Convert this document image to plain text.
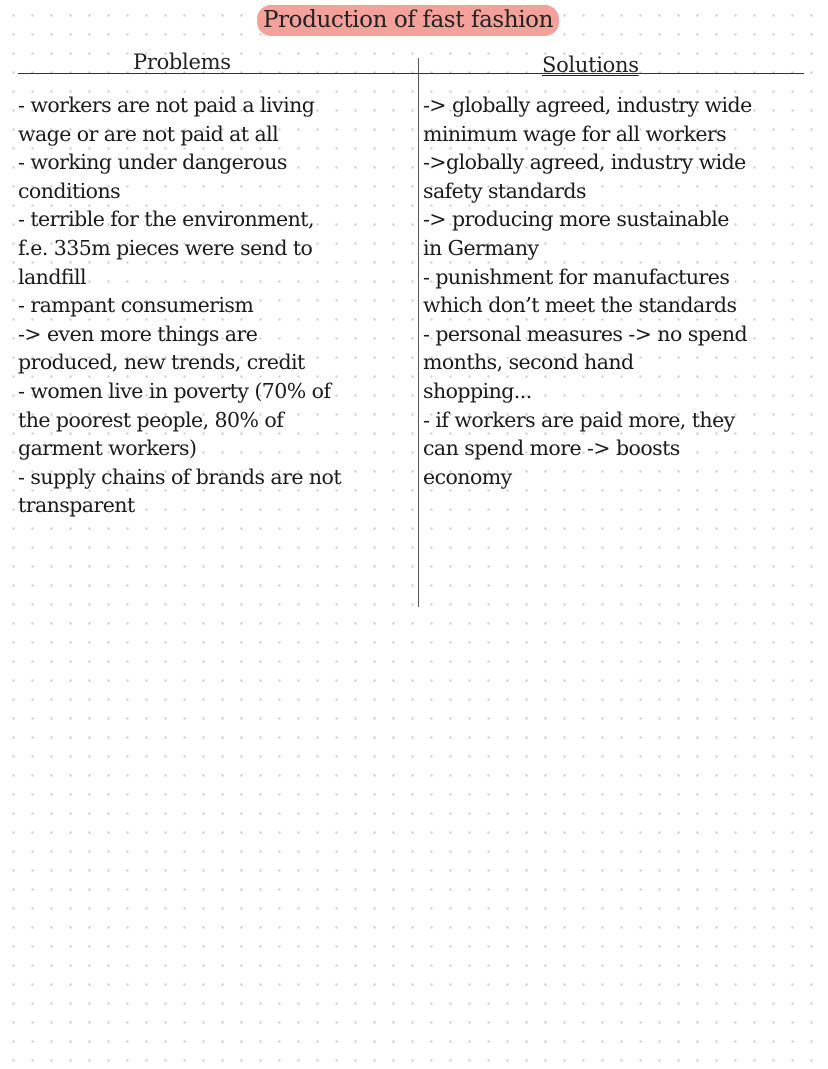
Production of fast fashion
Problems	Solutions
- workers are not paid a living
wage or are not paid at all
- working under dangerous
conditions
- terrible for the environment,
f.e. 335m pieces were send to
landfill
- rampant consumerism
-> even more things are
produced, new trends, credit
- women live in poverty (70% of
the poorest people, 80% of
garment workers)
- supply chains of brands are not
transparent
-> globally agreed, industry wide
minimum wage for all workers
->globally agreed, industry wide
safety standards
-> producing more sustainable
in Germany
- punishment for manufactures
which don’t meet the standards
- personal measures -> no spend
months, second hand
shopping...
- if workers are paid more, they
can spend more -> boosts
economy
